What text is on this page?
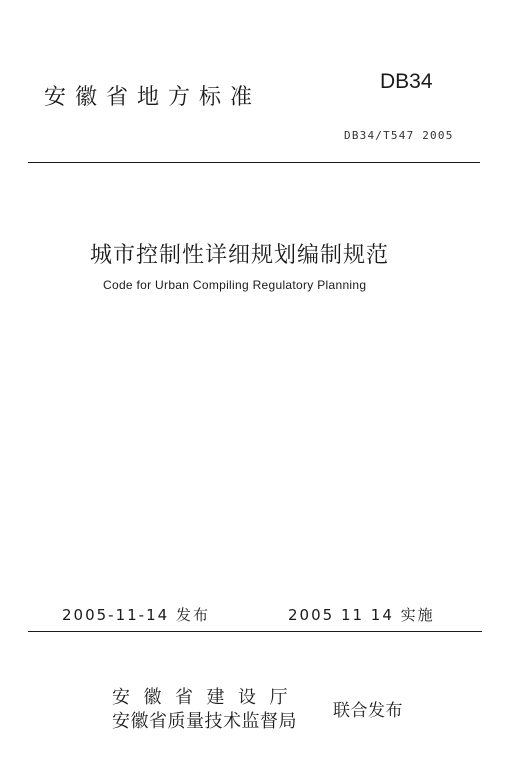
安徽省地方标准
DB34
DB34/T547 2005
城市控制性详细规划编制规范
Code for Urban Compiling Regulatory Planning
2005-11-14 发布	2005 11 14 实施
安徽省建设厅
安徽省质量技术监督局 联合发布
